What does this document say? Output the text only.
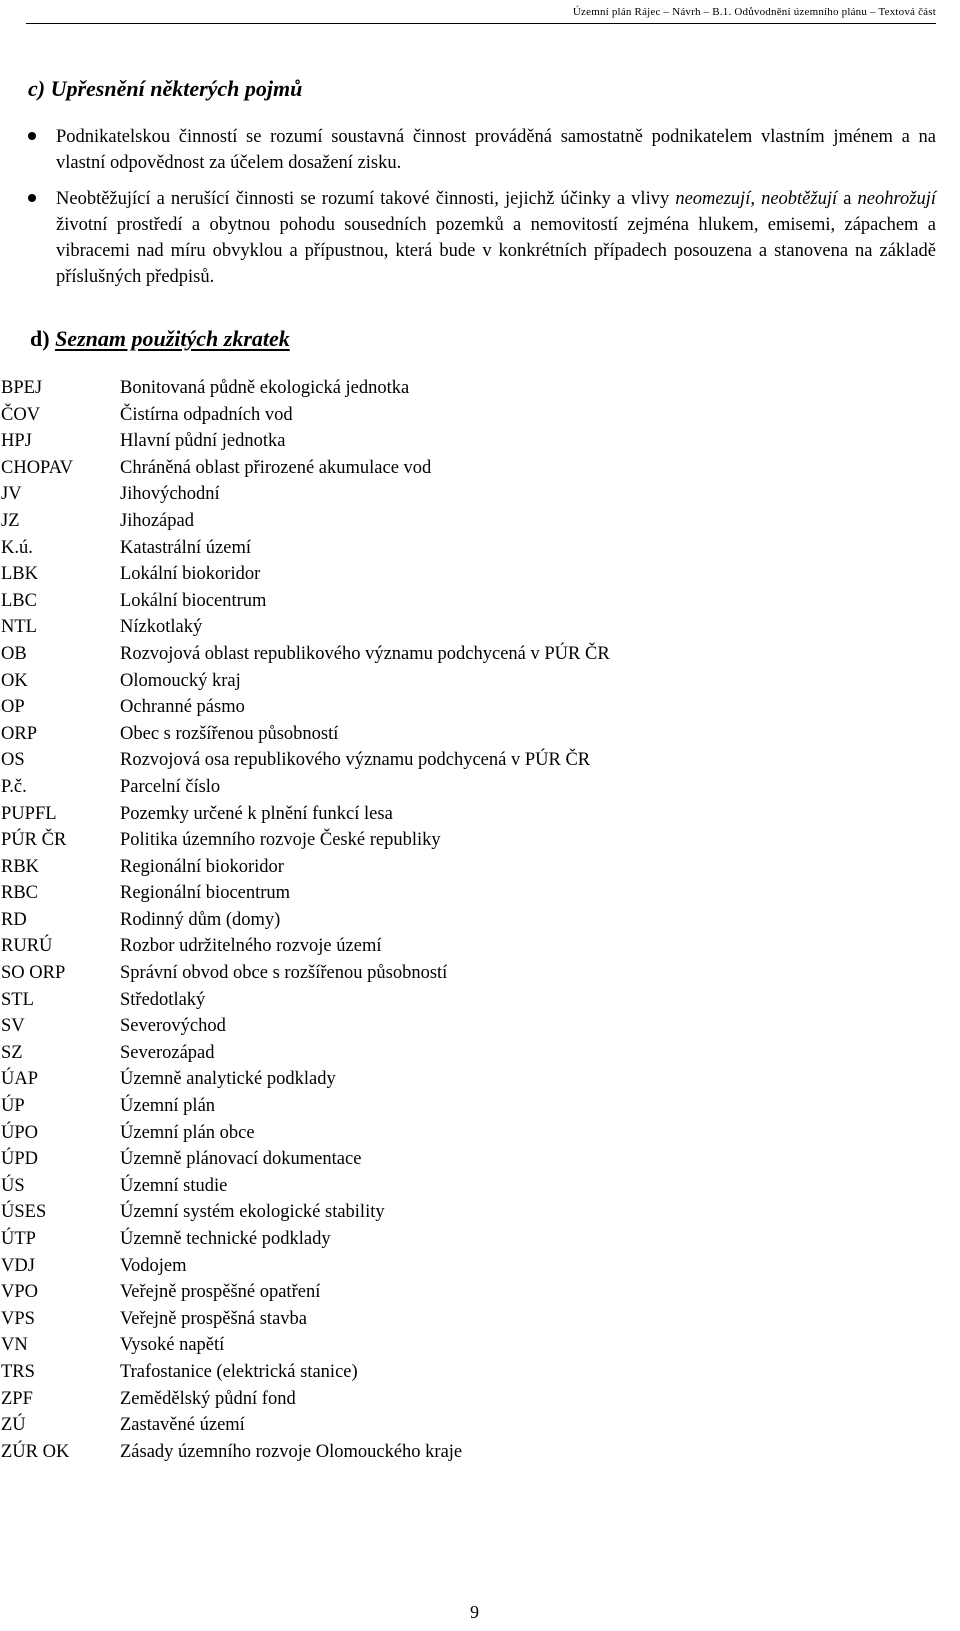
Územní plán Rájec – Návrh – B.1. Odůvodnění územního plánu – Textová část
c) Upřesnění některých pojmů
Podnikatelskou činností se rozumí soustavná činnost prováděná samostatně podnikatelem vlastním jménem a na vlastní odpovědnost za účelem dosažení zisku.
Neobtěžující a nerušící činnosti se rozumí takové činnosti, jejichž účinky a vlivy neomezují, neobtěžují a neohrožují životní prostředí a obytnou pohodu sousedních pozemků a nemovitostí zejména hlukem, emisemi, zápachem a vibracemi nad míru obvyklou a přípustnou, která bude v konkrétních případech posouzena a stanovena na základě příslušných předpisů.
d) Seznam použitých zkratek
BPEJ	Bonitovaná půdně ekologická jednotka
ČOV	Čistírna odpadních vod
HPJ	Hlavní půdní jednotka
CHOPAV	Chráněná oblast přirozené akumulace vod
JV	Jihovýchodní
JZ	Jihozápad
K.ú.	Katastrální území
LBK	Lokální biokoridor
LBC	Lokální biocentrum
NTL	Nízkotlaký
OB	Rozvojová oblast republikového významu podchycená v PÚR ČR
OK	Olomoucký kraj
OP	Ochranné pásmo
ORP	Obec s rozšířenou působností
OS	Rozvojová osa republikového významu podchycená v PÚR ČR
P.č.	Parcelní číslo
PUPFL	Pozemky určené k plnění funkcí lesa
PÚR ČR	Politika územního rozvoje České republiky
RBK	Regionální biokoridor
RBC	Regionální biocentrum
RD	Rodinný dům (domy)
RURÚ	Rozbor udržitelného rozvoje území
SO ORP	Správní obvod obce s rozšířenou působností
STL	Středotlaký
SV	Severovýchod
SZ	Severozápad
ÚAP	Územně analytické podklady
ÚP	Územní plán
ÚPO	Územní plán obce
ÚPD	Územně plánovací dokumentace
ÚS	Územní studie
ÚSES	Územní systém ekologické stability
ÚTP	Územně technické podklady
VDJ	Vodojem
VPO	Veřejně prospěšné opatření
VPS	Veřejně prospěšná stavba
VN	Vysoké napětí
TRS	Trafostanice (elektrická stanice)
ZPF	Zemědělský půdní fond
ZÚ	Zastavěné území
ZÚR OK	Zásady územního rozvoje Olomouckého kraje
9
